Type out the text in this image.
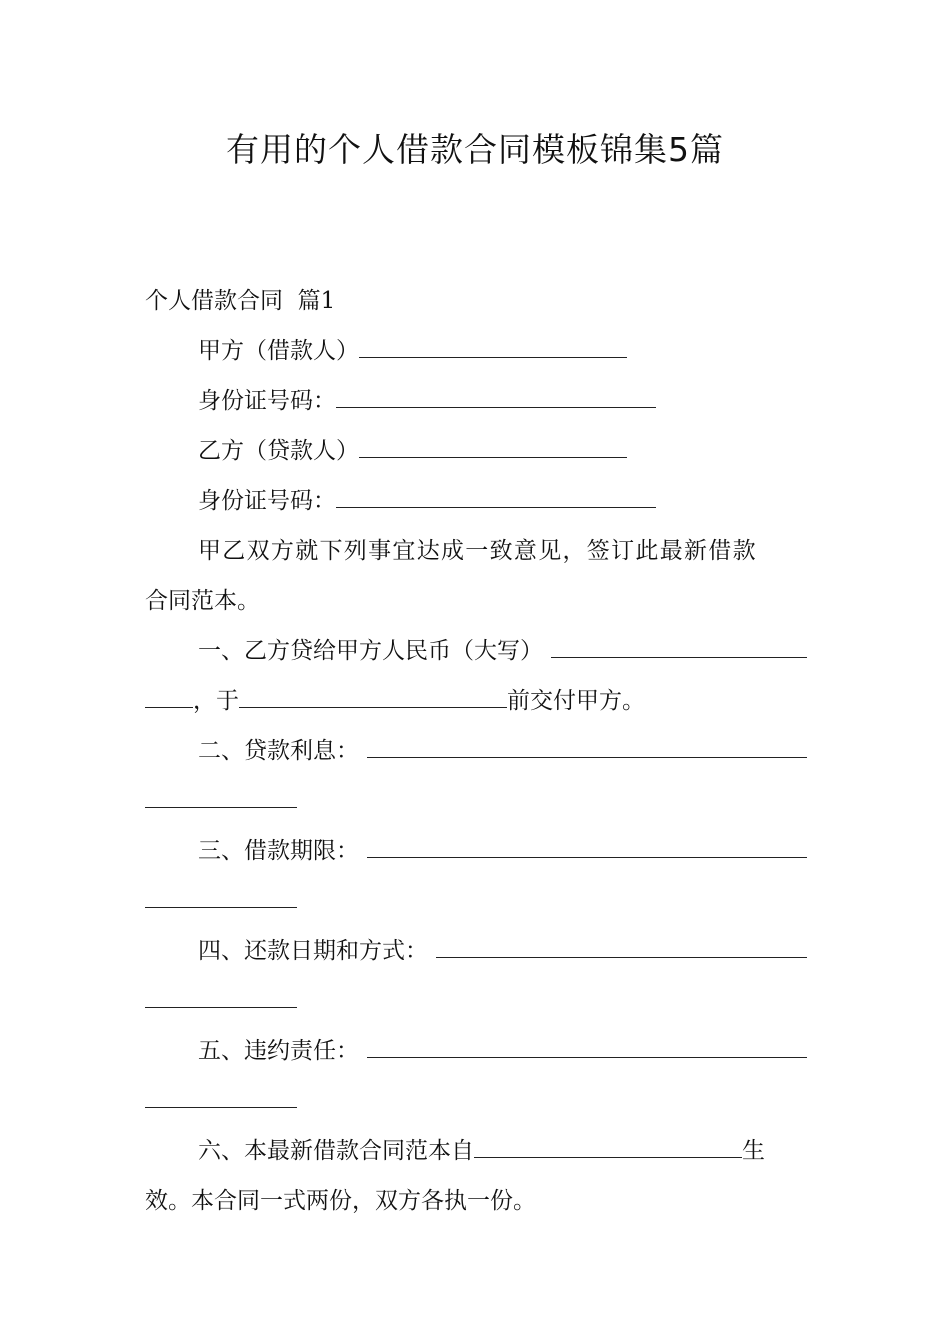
有用的个人借款合同模板锦集5篇
个人借款合同  篇1
甲方（借款人）
身份证号码：
乙方（贷款人）
身份证号码：
甲乙双方就下列事宜达成一致意见，签订此最新借款
合同范本。
一、乙方贷给甲方人民币（大写）
，于	前交付甲方。
二、贷款利息：
三、借款期限：
四、还款日期和方式：
五、违约责任：
六、本最新借款合同范本自	生
效。本合同一式两份，双方各执一份。
